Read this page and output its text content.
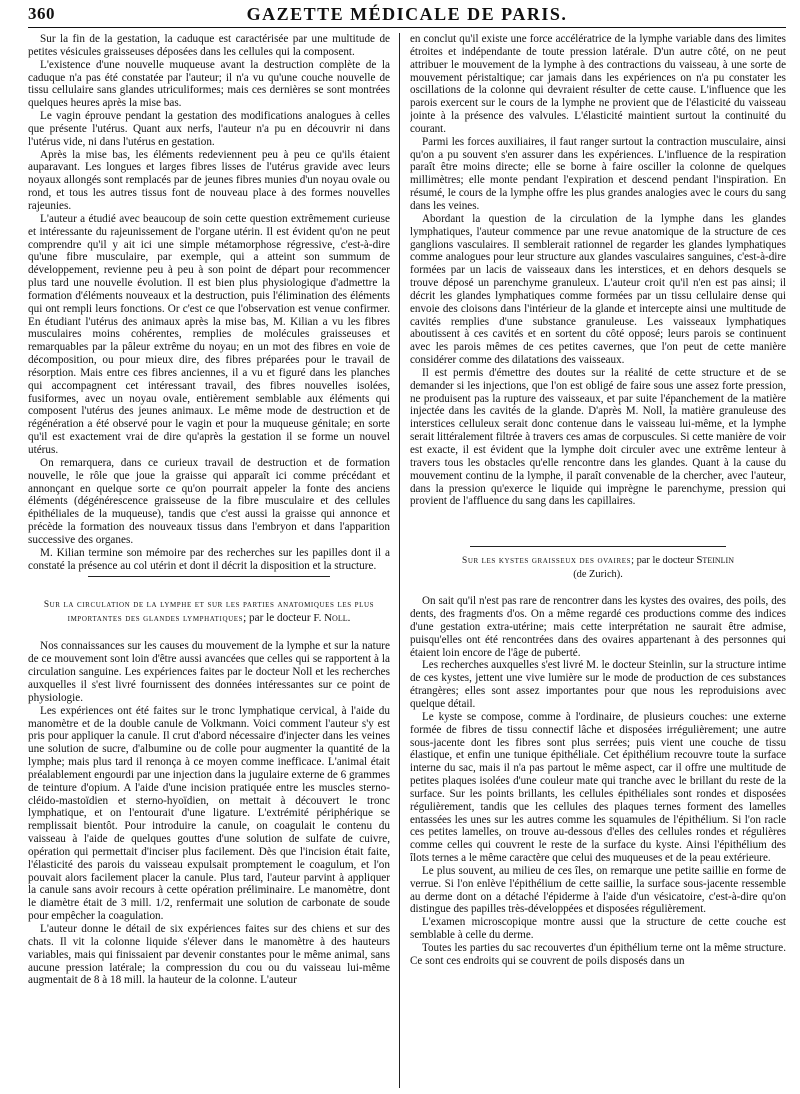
360	GAZETTE MÉDICALE DE PARIS.

Sur la fin de la gestation, la caduque est caractérisée par une multitude de petites vésicules graisseuses déposées dans les cellules qui la composent.

L'existence d'une nouvelle muqueuse avant la destruction complète de la caduque n'a pas été constatée par l'auteur; il n'a vu qu'une couche nouvelle de tissu cellulaire sans glandes utriculiformes; mais ces dernières se sont montrées quelques heures après la mise bas.

Le vagin éprouve pendant la gestation des modifications analogues à celles que présente l'utérus. Quant aux nerfs, l'auteur n'a pu en découvrir ni dans l'utérus vide, ni dans l'utérus en gestation.

Après la mise bas, les éléments redeviennent peu à peu ce qu'ils étaient auparavant. Les longues et larges fibres lisses de l'utérus gravide avec leurs noyaux allongés sont remplacés par de jeunes fibres munies d'un noyau ovale ou rond, et tous les autres tissus font de nouveau place à des formes nouvelles rajeunies.

L'auteur a étudié avec beaucoup de soin cette question extrêmement curieuse et intéressante du rajeunissement de l'organe utérin. Il est évident qu'on ne peut comprendre qu'il y ait ici une simple métamorphose régressive, c'est-à-dire qu'une fibre musculaire, par exemple, qui a atteint son summum de développement, revienne peu à peu à son point de départ pour recommencer plus tard une nouvelle évolution. Il est bien plus physiologique d'admettre la formation d'éléments nouveaux et la destruction, puis l'élimination des éléments qui ont rempli leurs fonctions. Or c'est ce que l'observation est venue confirmer. En étudiant l'utérus des animaux après la mise bas, M. Kilian a vu les fibres musculaires moins cohérentes, remplies de molécules graisseuses et remarquables par la pâleur extrême du noyau; en un mot des fibres en voie de décomposition, ou pour mieux dire, des fibres préparées pour le travail de résorption. Mais entre ces fibres anciennes, il a vu et figuré dans les planches qui accompagnent cet intéressant travail, des fibres nouvelles isolées, fusiformes, avec un noyau ovale, entièrement semblable aux éléments qui composent l'utérus des jeunes animaux. Le même mode de destruction et de régénération a été observé pour le vagin et pour la muqueuse génitale; en sorte qu'il est exactement vrai de dire qu'après la gestation il se forme un nouvel utérus.

On remarquera, dans ce curieux travail de destruction et de formation nouvelle, le rôle que joue la graisse qui apparaît ici comme précédant et annonçant en quelque sorte ce qu'on pourrait appeler la fonte des anciens éléments (dégénérescence graisseuse de la fibre musculaire et des cellules épithéliales de la muqueuse), tandis que c'est aussi la graisse qui annonce et précède la formation des nouveaux tissus dans l'embryon et dans l'apparition successive des organes.

M. Kilian termine son mémoire par des recherches sur les papilles dont il a constaté la présence au col utérin et dont il décrit la disposition et la structure.

Sur la circulation de la lymphe et sur les parties anatomiques les plus importantes des glandes lymphatiques; par le docteur F. Noll.

Nos connaissances sur les causes du mouvement de la lymphe et sur la nature de ce mouvement sont loin d'être aussi avancées que celles qui se rapportent à la circulation sanguine. Les expériences faites par le docteur Noll et les recherches auxquelles il s'est livré fournissent des données intéressantes sur ce point de physiologie.

Les expériences ont été faites sur le tronc lymphatique cervical, à l'aide du manomètre et de la double canule de Volkmann. Voici comment l'auteur s'y est pris pour appliquer la canule. Il crut d'abord nécessaire d'injecter dans les veines une solution de sucre, d'albumine ou de colle pour augmenter la quantité de la lymphe; mais plus tard il renonça à ce moyen comme inefficace. L'animal était préalablement engourdi par une injection dans la jugulaire externe de 6 grammes de teinture d'opium. A l'aide d'une incision pratiquée entre les muscles sterno-cléido-mastoïdien et sterno-hyoïdien, on mettait à découvert le tronc lymphatique, et on l'entourait d'une ligature. L'extrémité périphérique se remplissait bientôt. Pour introduire la canule, on coagulait le contenu du vaisseau à l'aide de quelques gouttes d'une solution de sulfate de cuivre, opération qui permettait d'inciser plus facilement. Dès que l'incision était faite, l'élasticité des parois du vaisseau expulsait promptement le coagulum, et l'on pouvait alors facilement placer la canule. Plus tard, l'auteur parvint à appliquer la canule sans avoir recours à cette opération préliminaire. Le manomètre, dont le diamètre était de 3 mill. 1/2, renfermait une solution de carbonate de soude pour empêcher la coagulation.

L'auteur donne le détail de six expériences faites sur des chiens et sur des chats. Il vit la colonne liquide s'élever dans le manomètre à des hauteurs variables, mais qui finissaient par devenir constantes pour le même animal, sans aucune pression latérale; la compression du cou ou du vaisseau lui-même augmentait de 8 à 18 mill. la hauteur de la colonne. L'auteur

en conclut qu'il existe une force accélératrice de la lymphe variable dans des limites étroites et indépendante de toute pression latérale. D'un autre côté, on ne peut attribuer le mouvement de la lymphe à des contractions du vaisseau, à une sorte de mouvement péristaltique; car jamais dans les expériences on n'a pu constater les oscillations de la colonne qui devraient résulter de cette cause. L'influence que les parois exercent sur le cours de la lymphe ne provient que de l'élasticité du vaisseau jointe à la présence des valvules. L'élasticité maintient surtout la continuité du courant.

Parmi les forces auxiliaires, il faut ranger surtout la contraction musculaire, ainsi qu'on a pu souvent s'en assurer dans les expériences. L'influence de la respiration paraît être moins directe; elle se borne à faire osciller la colonne de quelques millimètres; elle monte pendant l'expiration et descend pendant l'inspiration. En résumé, le cours de la lymphe offre les plus grandes analogies avec le cours du sang dans les veines.

Abordant la question de la circulation de la lymphe dans les glandes lymphatiques, l'auteur commence par une revue anatomique de la structure de ces ganglions vasculaires. Il semblerait rationnel de regarder les glandes lymphatiques comme analogues pour leur structure aux glandes vasculaires sanguines, c'est-à-dire formées par un lacis de vaisseaux dans les interstices, et en dehors desquels se trouve déposé un parenchyme granuleux. L'auteur croit qu'il n'en est pas ainsi; il décrit les glandes lymphatiques comme formées par un tissu cellulaire dense qui envoie des cloisons dans l'intérieur de la glande et intercepte ainsi une multitude de cavités remplies d'une substance granuleuse. Les vaisseaux lymphatiques aboutissent à ces cavités et en sortent du côté opposé; leurs parois se continuent avec les parois mêmes de ces petites cavernes, que l'on peut de cette manière considérer comme des dilatations des vaisseaux.

Il est permis d'émettre des doutes sur la réalité de cette structure et de se demander si les injections, que l'on est obligé de faire sous une assez forte pression, ne produisent pas la rupture des vaisseaux, et par suite l'épanchement de la matière injectée dans les cavités de la glande. D'après M. Noll, la matière granuleuse des interstices celluleux serait donc contenue dans le vaisseau lui-même, et la lymphe serait littéralement filtrée à travers ces amas de corpuscules. Si cette manière de voir est exacte, il est évident que la lymphe doit circuler avec une extrême lenteur à travers tous les obstacles qu'elle rencontre dans les glandes. Quant à la cause du mouvement continu de la lymphe, il paraît convenable de la chercher, avec l'auteur, dans la pression qu'exerce le liquide qui imprègne le parenchyme, pression qui provient de l'affluence du sang dans les capillaires.

Sur les kystes graisseux des ovaires; par le docteur Steinlin
(de Zurich).

On sait qu'il n'est pas rare de rencontrer dans les kystes des ovaires, des poils, des dents, des fragments d'os. On a même regardé ces productions comme des indices d'une gestation extra-utérine; mais cette interprétation ne saurait être admise, puisqu'elles ont été rencontrées dans des ovaires appartenant à des personnes qui étaient loin encore de l'âge de puberté.

Les recherches auxquelles s'est livré M. le docteur Steinlin, sur la structure intime de ces kystes, jettent une vive lumière sur le mode de production de ces substances étrangères; elles sont assez importantes pour que nous les reproduisions avec quelque détail.

Le kyste se compose, comme à l'ordinaire, de plusieurs couches: une externe formée de fibres de tissu connectif lâche et disposées irrégulièrement; une autre sous-jacente dont les fibres sont plus serrées; puis vient une couche de tissu élastique, et enfin une tunique épithéliale. Cet épithélium recouvre toute la surface interne du sac, mais il n'a pas partout le même aspect, car il offre une multitude de petites plaques isolées d'une couleur mate qui tranche avec le brillant du reste de la surface. Sur les points brillants, les cellules épithéliales sont rondes et disposées régulièrement, tandis que les cellules des plaques ternes forment des lamelles entassées les unes sur les autres comme les squamules de l'épithélium. Si l'on racle ces petites lamelles, on trouve au-dessous d'elles des cellules rondes et régulières comme celles qui couvrent le reste de la surface du kyste. Ainsi l'épithélium des îlots ternes a le même caractère que celui des muqueuses et de la peau extérieure.

Le plus souvent, au milieu de ces îles, on remarque une petite saillie en forme de verrue. Si l'on enlève l'épithélium de cette saillie, la surface sous-jacente ressemble au derme dont on a détaché l'épiderme à l'aide d'un vésicatoire, c'est-à-dire qu'on distingue des papilles très-développées et disposées régulièrement.

L'examen microscopique montre aussi que la structure de cette couche est semblable à celle du derme.

Toutes les parties du sac recouvertes d'un épithélium terne ont la même structure. Ce sont ces endroits qui se couvrent de poils disposés dans un
